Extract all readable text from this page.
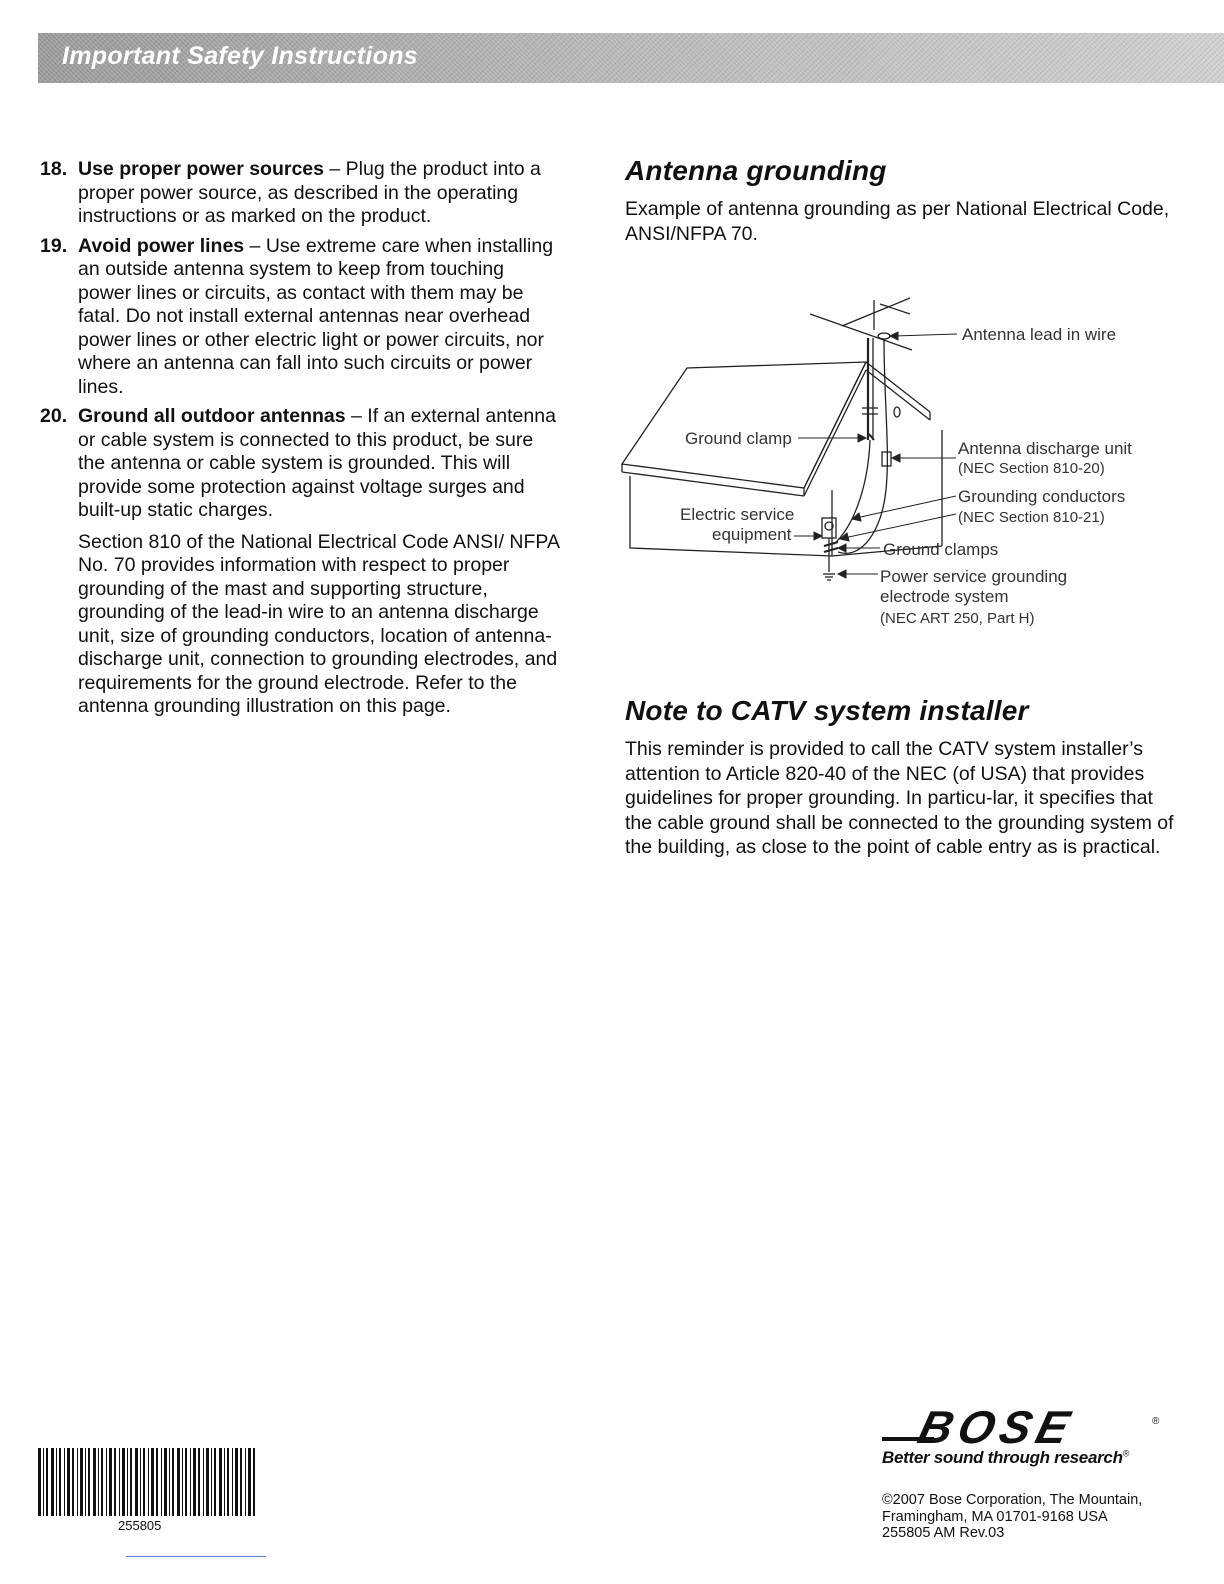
Important Safety Instructions
18. Use proper power sources – Plug the product into a proper power source, as described in the operating instructions or as marked on the product.
19. Avoid power lines – Use extreme care when installing an outside antenna system to keep from touching power lines or circuits, as contact with them may be fatal. Do not install external antennas near overhead power lines or other electric light or power circuits, nor where an antenna can fall into such circuits or power lines.
20. Ground all outdoor antennas – If an external antenna or cable system is connected to this product, be sure the antenna or cable system is grounded. This will provide some protection against voltage surges and built-up static charges.
Section 810 of the National Electrical Code ANSI/ NFPA No. 70 provides information with respect to proper grounding of the mast and supporting structure, grounding of the lead-in wire to an antenna discharge unit, size of grounding conductors, location of antenna-discharge unit, connection to grounding electrodes, and requirements for the ground electrode. Refer to the antenna grounding illustration on this page.
Antenna grounding
Example of antenna grounding as per National Electrical Code, ANSI/NFPA 70.
Antenna lead in wire
Ground clamp
Antenna discharge unit
(NEC Section 810-20)
Grounding conductors
(NEC Section 810-21)
Electric service
equipment
Ground clamps
Power service grounding
electrode system
(NEC ART 250, Part H)
Note to CATV system installer
This reminder is provided to call the CATV system installer’s attention to Article 820-40 of the NEC (of USA) that provides guidelines for proper grounding. In particu-lar, it specifies that the cable ground shall be connected to the grounding system of the building, as close to the point of cable entry as is practical.
255805
BOSE	®
Better sound through research®
©2007 Bose Corporation, The Mountain,
Framingham, MA 01701-9168 USA
255805 AM Rev.03
